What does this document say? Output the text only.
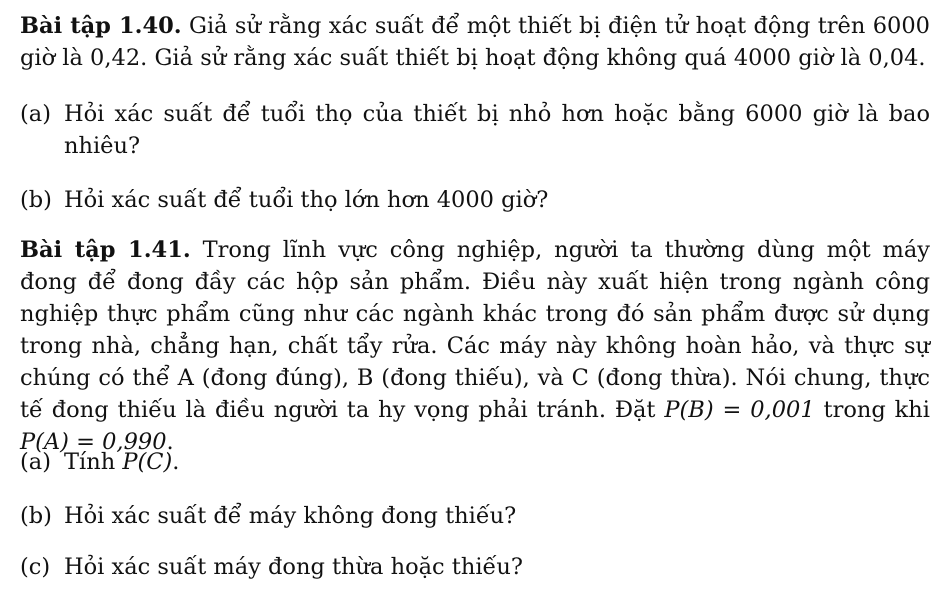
Bài tập 1.40. Giả sử rằng xác suất để một thiết bị điện tử hoạt động trên 6000 giờ là 0,42. Giả sử rằng xác suất thiết bị hoạt động không quá 4000 giờ là 0,04.
(a) Hỏi xác suất để tuổi thọ của thiết bị nhỏ hơn hoặc bằng 6000 giờ là bao nhiêu?
(b) Hỏi xác suất để tuổi thọ lớn hơn 4000 giờ?
Bài tập 1.41. Trong lĩnh vực công nghiệp, người ta thường dùng một máy đong để đong đầy các hộp sản phẩm. Điều này xuất hiện trong ngành công nghiệp thực phẩm cũng như các ngành khác trong đó sản phẩm được sử dụng trong nhà, chẳng hạn, chất tẩy rửa. Các máy này không hoàn hảo, và thực sự chúng có thể A (đong đúng), B (đong thiếu), và C (đong thừa). Nói chung, thực tế đong thiếu là điều người ta hy vọng phải tránh. Đặt P(B) = 0,001 trong khi P(A) = 0,990.
(a) Tính P(C).
(b) Hỏi xác suất để máy không đong thiếu?
(c) Hỏi xác suất máy đong thừa hoặc thiếu?
